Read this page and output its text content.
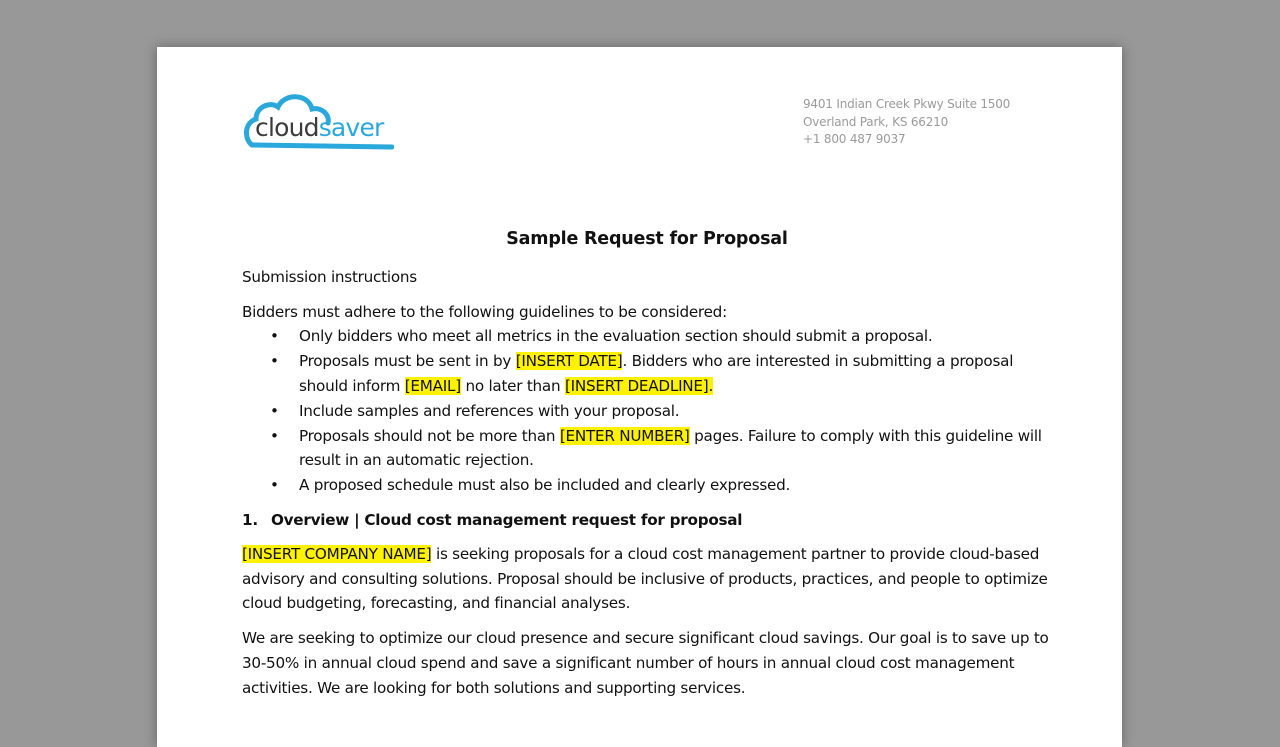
cloudsaver
9401 Indian Creek Pkwy Suite 1500
Overland Park, KS 66210
+1 800 487 9037
Sample Request for Proposal

Submission instructions

Bidders must adhere to the following guidelines to be considered:
• Only bidders who meet all metrics in the evaluation section should submit a proposal.
• Proposals must be sent in by [INSERT DATE]. Bidders who are interested in submitting a proposal should inform [EMAIL] no later than [INSERT DEADLINE].
• Include samples and references with your proposal.
• Proposals should not be more than [ENTER NUMBER] pages. Failure to comply with this guideline will result in an automatic rejection.
• A proposed schedule must also be included and clearly expressed.
1. Overview | Cloud cost management request for proposal

[INSERT COMPANY NAME] is seeking proposals for a cloud cost management partner to provide cloud-based advisory and consulting solutions. Proposal should be inclusive of products, practices, and people to optimize cloud budgeting, forecasting, and financial analyses.

We are seeking to optimize our cloud presence and secure significant cloud savings. Our goal is to save up to 30-50% in annual cloud spend and save a significant number of hours in annual cloud cost management activities. We are looking for both solutions and supporting services.
